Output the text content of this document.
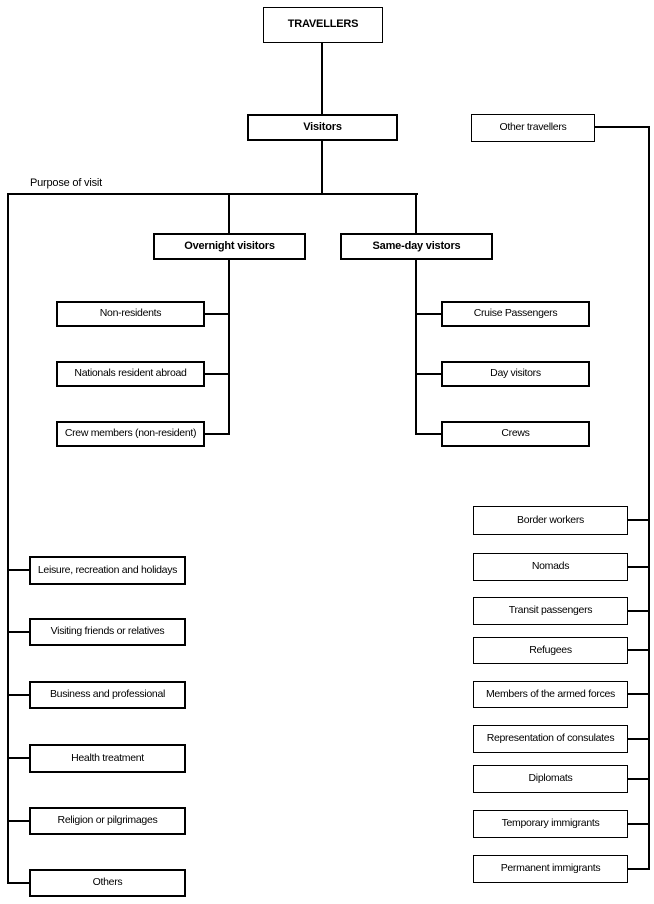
Purpose of visit
TRAVELLERS
Visitors	Other travellers
Overnight visitors	Same-day vistors
Non-residents
Nationals resident abroad
Crew members (non-resident)
Cruise Passengers
Day visitors
Crews
Leisure, recreation and holidays
Visiting friends or relatives
Business and professional
Health treatment
Religion or pilgrimages
Others
Border workers
Nomads
Transit passengers
Refugees
Members of the armed forces
Representation of consulates
Diplomats
Temporary immigrants
Permanent immigrants
